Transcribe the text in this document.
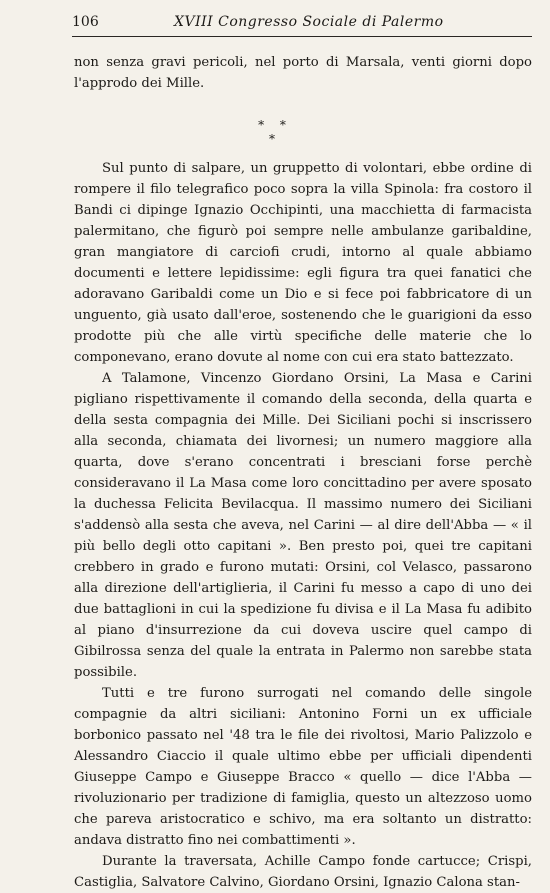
106	XVIII Congresso Sociale di Palermo

non senza gravi pericoli, nel porto di Marsala, venti giorni dopo l'approdo dei Mille.

* * *

Sul punto di salpare, un gruppetto di volontari, ebbe ordine di rompere il filo telegrafico poco sopra la villa Spinola: fra costoro il Bandi ci dipinge Ignazio Occhipinti, una macchietta di farmacista palermitano, che figurò poi sempre nelle ambulanze garibaldine, gran mangiatore di carciofi crudi, intorno al quale abbiamo documenti e lettere lepidissime: egli figura tra quei fanatici che adoravano Garibaldi come un Dio e si fece poi fabbricatore di un unguento, già usato dall'eroe, sostenendo che le guarigioni da esso prodotte più che alle virtù specifiche delle materie che lo componevano, erano dovute al nome con cui era stato battezzato.

A Talamone, Vincenzo Giordano Orsini, La Masa e Carini pigliano rispettivamente il comando della seconda, della quarta e della sesta compagnia dei Mille. Dei Siciliani pochi si inscrissero alla seconda, chiamata dei livornesi; un numero maggiore alla quarta, dove s'erano concentrati i bresciani forse perchè consideravano il La Masa come loro concittadino per avere sposato la duchessa Felicita Bevilacqua. Il massimo numero dei Siciliani s'addensò alla sesta che aveva, nel Carini — al dire dell'Abba — « il più bello degli otto capitani ». Ben presto poi, quei tre capitani crebbero in grado e furono mutati: Orsini, col Velasco, passarono alla direzione dell'artiglieria, il Carini fu messo a capo di uno dei due battaglioni in cui la spedizione fu divisa e il La Masa fu adibito al piano d'insurrezione da cui doveva uscire quel campo di Gibilrossa senza del quale la entrata in Palermo non sarebbe stata possibile.

Tutti e tre furono surrogati nel comando delle singole compagnie da altri siciliani: Antonino Forni un ex ufficiale borbonico passato nel '48 tra le file dei rivoltosi, Mario Palizzolo e Alessandro Ciaccio il quale ultimo ebbe per ufficiali dipendenti Giuseppe Campo e Giuseppe Bracco « quello — dice l'Abba — rivoluzionario per tradizione di famiglia, questo un altezzoso uomo che pareva aristocratico e schivo, ma era soltanto un distratto: andava distratto fino nei combattimenti ».

Durante la traversata, Achille Campo fonde cartucce; Crispi, Castiglia, Salvatore Calvino, Giordano Orsini, Ignazio Calona stan-
